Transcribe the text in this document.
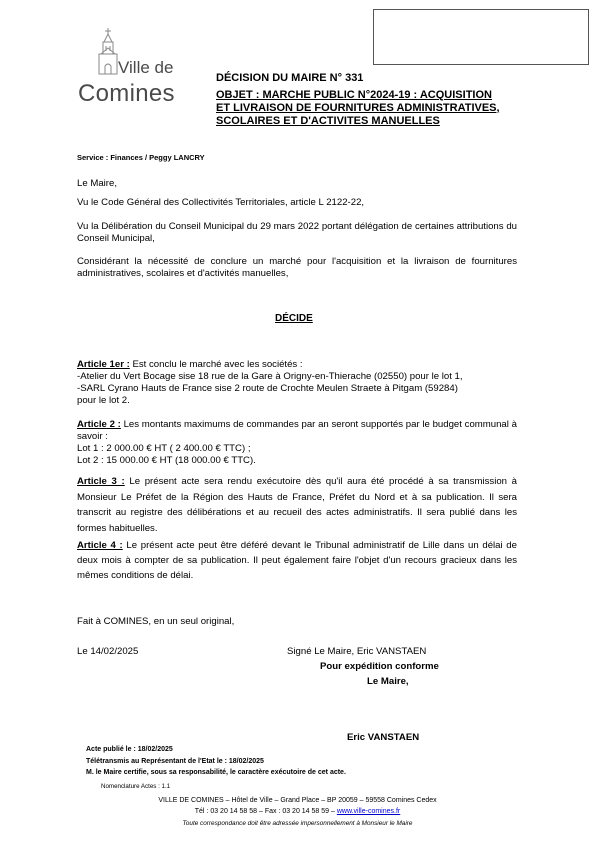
Ville de
Comines
DÉCISION DU MAIRE N° 331
OBJET : MARCHE PUBLIC N°2024-19 : ACQUISITION
ET LIVRAISON DE FOURNITURES ADMINISTRATIVES,
SCOLAIRES ET D'ACTIVITES MANUELLES
Service : Finances / Peggy LANCRY
Le Maire,
Vu le Code Général des Collectivités Territoriales, article L 2122-22,
Vu la Délibération du Conseil Municipal du 29 mars 2022 portant délégation de certaines attributions du Conseil Municipal,
Considérant la nécessité de conclure un marché pour l'acquisition et la livraison de fournitures administratives, scolaires et d'activités manuelles,
DÉCIDE
Article 1er : Est conclu le marché avec les sociétés :
-Atelier du Vert Bocage sise 18 rue de la Gare à Origny-en-Thierache (02550) pour le lot 1,
-SARL Cyrano Hauts de France sise 2 route de Crochte Meulen Straete à Pitgam (59284)
pour le lot 2.
Article 2 : Les montants maximums de commandes par an seront supportés par le budget communal à savoir :
Lot 1 : 2 000.00 € HT ( 2 400.00 € TTC) ;
Lot 2 : 15 000.00 € HT (18 000.00 € TTC).
Article 3 : Le présent acte sera rendu exécutoire dès qu'il aura été procédé à sa transmission à Monsieur Le Préfet de la Région des Hauts de France, Préfet du Nord et à sa publication. Il sera transcrit au registre des délibérations et au recueil des actes administratifs. Il sera publié dans les formes habituelles.
Article 4 : Le présent acte peut être déféré devant le Tribunal administratif de Lille dans un délai de deux mois à compter de sa publication. Il peut également faire l'objet d'un recours gracieux dans les mêmes conditions de délai.
Fait à COMINES, en un seul original,
Le 14/02/2025	Signé Le Maire, Eric VANSTAEN
Pour expédition conforme
Le Maire,
Eric VANSTAEN
Acte publié le : 18/02/2025
Télétransmis au Représentant de l'Etat le : 18/02/2025
M. le Maire certifie, sous sa responsabilité, le caractère exécutoire de cet acte.
Nomenclature Actes : 1.1
VILLE DE COMINES – Hôtel de Ville – Grand Place – BP 20059 – 59558 Comines Cedex
Tél : 03 20 14 58 58 – Fax : 03 20 14 58 59 – www.ville-comines.fr
Toute correspondance doit être adressée impersonnellement à Monsieur le Maire
